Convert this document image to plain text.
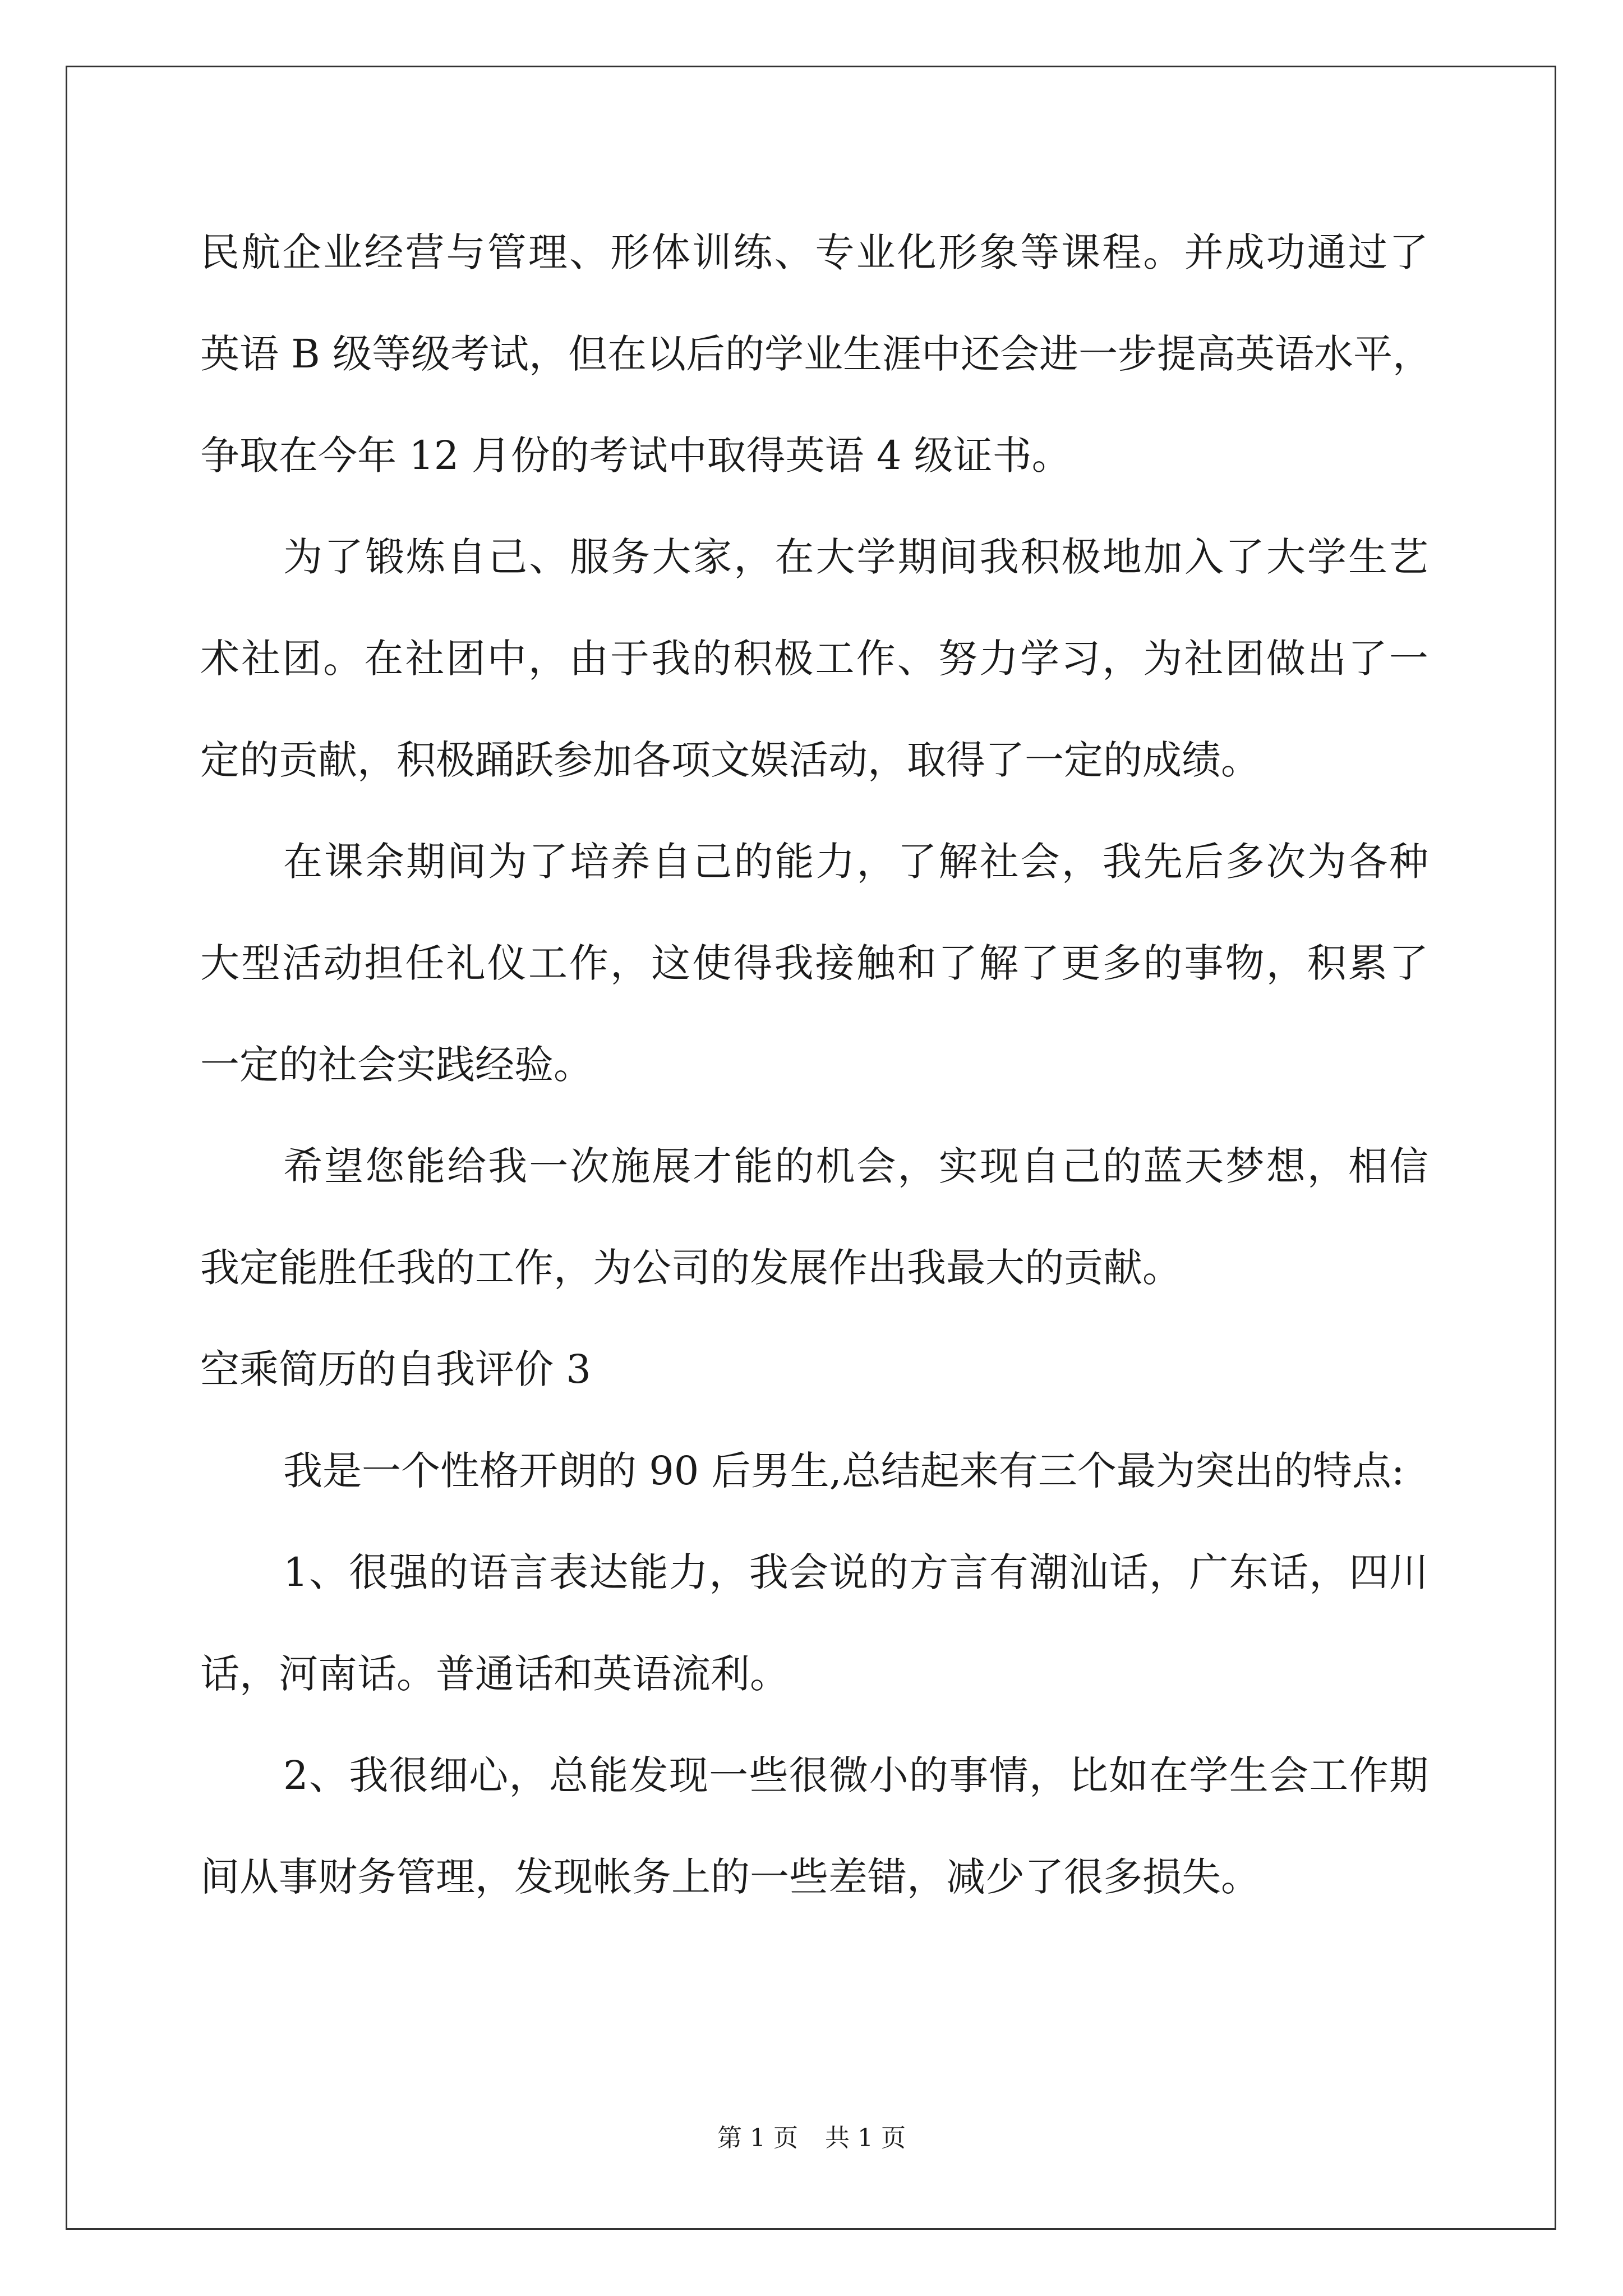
民航企业经营与管理、形体训练、专业化形象等课程。并成功通过了
英语 B 级等级考试，但在以后的学业生涯中还会进一步提高英语水平，
争取在今年 12 月份的考试中取得英语 4 级证书。
为了锻炼自己、服务大家，在大学期间我积极地加入了大学生艺
术社团。在社团中，由于我的积极工作、努力学习，为社团做出了一
定的贡献，积极踊跃参加各项文娱活动，取得了一定的成绩。
在课余期间为了培养自己的能力，了解社会，我先后多次为各种
大型活动担任礼仪工作，这使得我接触和了解了更多的事物，积累了
一定的社会实践经验。
希望您能给我一次施展才能的机会，实现自己的蓝天梦想，相信
我定能胜任我的工作，为公司的发展作出我最大的贡献。
空乘简历的自我评价 3
我是一个性格开朗的 90 后男生,总结起来有三个最为突出的特点:
1、很强的语言表达能力，我会说的方言有潮汕话，广东话，四川
话，河南话。普通话和英语流利。
2、我很细心，总能发现一些很微小的事情，比如在学生会工作期
间从事财务管理，发现帐务上的一些差错，减少了很多损失。
第 1 页 共 1 页
